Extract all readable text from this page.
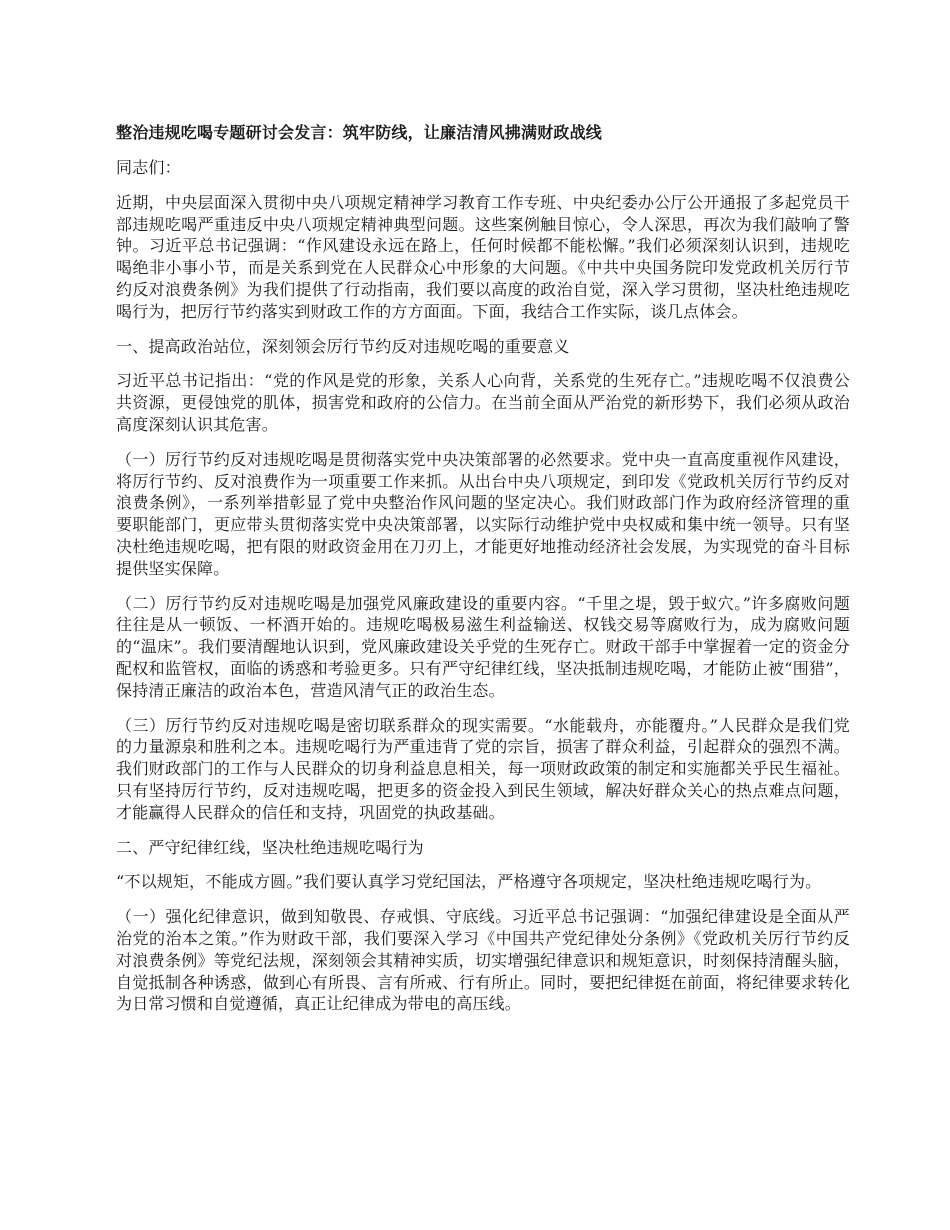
整治违规吃喝专题研讨会发言：筑牢防线，让廉洁清风拂满财政战线
同志们：
近期，中央层面深入贯彻中央八项规定精神学习教育工作专班、中央纪委办公厅公开通报了多起党员干部违规吃喝严重违反中央八项规定精神典型问题。这些案例触目惊心，令人深思，再次为我们敲响了警钟。习近平总书记强调：“作风建设永远在路上，任何时候都不能松懈。”我们必须深刻认识到，违规吃喝绝非小事小节，而是关系到党在人民群众心中形象的大问题。《中共中央国务院印发党政机关厉行节约反对浪费条例》为我们提供了行动指南，我们要以高度的政治自觉，深入学习贯彻，坚决杜绝违规吃喝行为，把厉行节约落实到财政工作的方方面面。下面，我结合工作实际，谈几点体会。
一、提高政治站位，深刻领会厉行节约反对违规吃喝的重要意义
习近平总书记指出：“党的作风是党的形象，关系人心向背，关系党的生死存亡。”违规吃喝不仅浪费公共资源，更侵蚀党的肌体，损害党和政府的公信力。在当前全面从严治党的新形势下，我们必须从政治高度深刻认识其危害。
（一）厉行节约反对违规吃喝是贯彻落实党中央决策部署的必然要求。党中央一直高度重视作风建设，将厉行节约、反对浪费作为一项重要工作来抓。从出台中央八项规定，到印发《党政机关厉行节约反对浪费条例》，一系列举措彰显了党中央整治作风问题的坚定决心。我们财政部门作为政府经济管理的重要职能部门，更应带头贯彻落实党中央决策部署，以实际行动维护党中央权威和集中统一领导。只有坚决杜绝违规吃喝，把有限的财政资金用在刀刃上，才能更好地推动经济社会发展，为实现党的奋斗目标提供坚实保障。
（二）厉行节约反对违规吃喝是加强党风廉政建设的重要内容。“千里之堤，毁于蚁穴。”许多腐败问题往往是从一顿饭、一杯酒开始的。违规吃喝极易滋生利益输送、权钱交易等腐败行为，成为腐败问题的“温床”。我们要清醒地认识到，党风廉政建设关乎党的生死存亡。财政干部手中掌握着一定的资金分配权和监管权，面临的诱惑和考验更多。只有严守纪律红线，坚决抵制违规吃喝，才能防止被“围猎”，保持清正廉洁的政治本色，营造风清气正的政治生态。
（三）厉行节约反对违规吃喝是密切联系群众的现实需要。“水能载舟，亦能覆舟。”人民群众是我们党的力量源泉和胜利之本。违规吃喝行为严重违背了党的宗旨，损害了群众利益，引起群众的强烈不满。我们财政部门的工作与人民群众的切身利益息息相关，每一项财政政策的制定和实施都关乎民生福祉。只有坚持厉行节约，反对违规吃喝，把更多的资金投入到民生领域，解决好群众关心的热点难点问题，才能赢得人民群众的信任和支持，巩固党的执政基础。
二、严守纪律红线，坚决杜绝违规吃喝行为
“不以规矩，不能成方圆。”我们要认真学习党纪国法，严格遵守各项规定，坚决杜绝违规吃喝行为。
（一）强化纪律意识，做到知敬畏、存戒惧、守底线。习近平总书记强调：“加强纪律建设是全面从严治党的治本之策。”作为财政干部，我们要深入学习《中国共产党纪律处分条例》《党政机关厉行节约反对浪费条例》等党纪法规，深刻领会其精神实质，切实增强纪律意识和规矩意识，时刻保持清醒头脑，自觉抵制各种诱惑，做到心有所畏、言有所戒、行有所止。同时，要把纪律挺在前面，将纪律要求转化为日常习惯和自觉遵循，真正让纪律成为带电的高压线。
